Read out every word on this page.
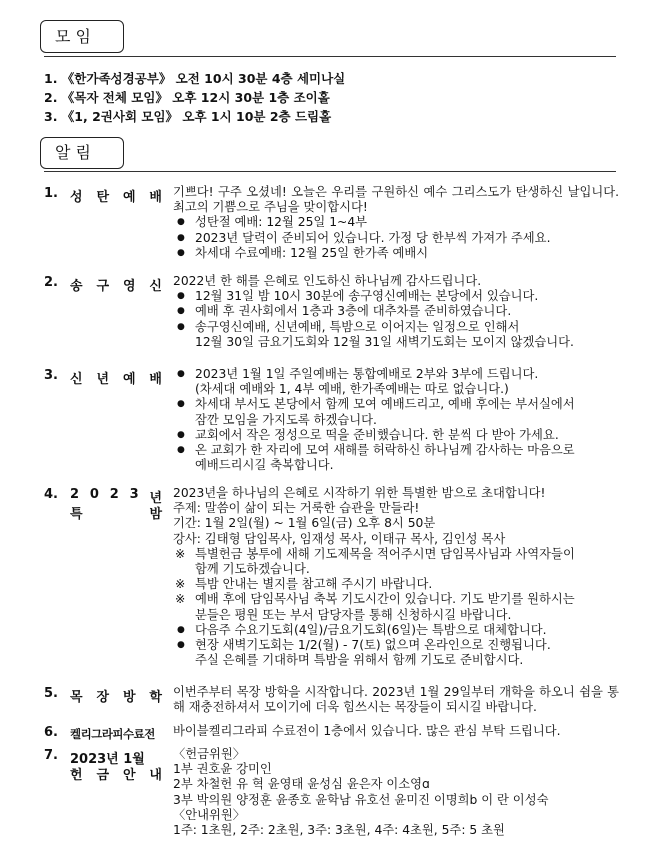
모 임
1. 《한가족성경공부》 오전 10시 30분 4층 세미나실
2. 《목자 전체 모임》 오후 12시 30분 1층 조이홀
3. 《1, 2권사회 모임》 오후 1시 10분 2층 드림홀
알 림
1. 성 탄 예 배 기쁘다! 구주 오셨네! 오늘은 우리를 구원하신 예수 그리스도가 탄생하신 날입니다. 최고의 기쁨으로 주님을 맞이합시다!

● 성탄절 예배: 12월 25일 1~4부

● 2023년 달력이 준비되어 있습니다. 가정 당 한부씩 가져가 주세요.

● 차세대 수료예배: 12월 25일 한가족 예배시

2. 송 구 영 신 2022년 한 해를 은혜로 인도하신 하나님께 감사드립니다.

● 12월 31일 밤 10시 30분에 송구영신예배는 본당에서 있습니다.

● 예배 후 권사회에서 1층과 3층에 대추차를 준비하였습니다.

● 송구영신예배, 신년예배, 특밤으로 이어지는 일정으로 인해서

12월 30일 금요기도회와 12월 31일 새벽기도회는 모이지 않겠습니다.

3. 신 년 예 배

●	2023년 1월 1일 주일예배는 통합예배로 2부와 3부에 드립니다.

(차세대 예배와 1, 4부 예배, 한가족예배는 따로 없습니다.)

● 차세대 부서도 본당에서 함께 모여 예배드리고, 예배 후에는 부서실에서

잠깐 모임을 가지도록 하겠습니다.

● 교회에서 작은 정성으로 떡을 준비했습니다. 한 분씩 다 받아 가세요.

● 온 교회가 한 자리에 모여 새해를 허락하신 하나님께 감사하는 마음으로

예배드리시길 축복합니다.

4. 2 0 2 3 년
특	밤

2023년을 하나님의 은혜로 시작하기 위한 특별한 밤으로 초대합니다!

주제: 말씀이 삶이 되는 거룩한 습관을 만들라!

기간: 1월 2일(월) ~ 1월 6일(금) 오후 8시 50분

강사: 김태형 담임목사, 임재성 목사, 이태규 목사, 김인성 목사

※ 특별헌금 봉투에 새해 기도제목을 적어주시면 담임목사님과 사역자들이

함께 기도하겠습니다.

※ 특밤 안내는 별지를 참고해 주시기 바랍니다.

※ 예배 후에 담임목사님 축복 기도시간이 있습니다. 기도 받기를 원하시는

분들은 평원 또는 부서 담당자를 통해 신청하시길 바랍니다.

● 다음주 수요기도회(4일)/금요기도회(6일)는 특밤으로 대체합니다.

● 현장 새벽기도회는 1/2(월) - 7(토) 없으며 온라인으로 진행됩니다.

주실 은혜를 기대하며 특밤을 위해서 함께 기도로 준비합시다.

5. 목 장 방 학 이번주부터 목장 방학을 시작합니다. 2023년 1월 29일부터 개학을 하오니 쉼을 통해 재충전하셔서 모이기에 더욱 힘쓰시는 목장들이 되시길 바랍니다.

6. 켈리그라피수료전	바이블켈리그라피 수료전이 1층에서 있습니다. 많은 관심 부탁 드립니다.

7. 2023년 1월
헌 금 안 내

〈헌금위원〉

1부 권호윤 강미인

2부 차철헌 유 혁 윤영태 윤성심 윤은자 이소영ɑ

3부 박의원 양정훈 윤종호 윤학남 유호선 윤미진 이명희b 이 란 이성숙

〈안내위원〉

1주: 1초원, 2주: 2초원, 3주: 3초원, 4주: 4초원, 5주: 5 초원
